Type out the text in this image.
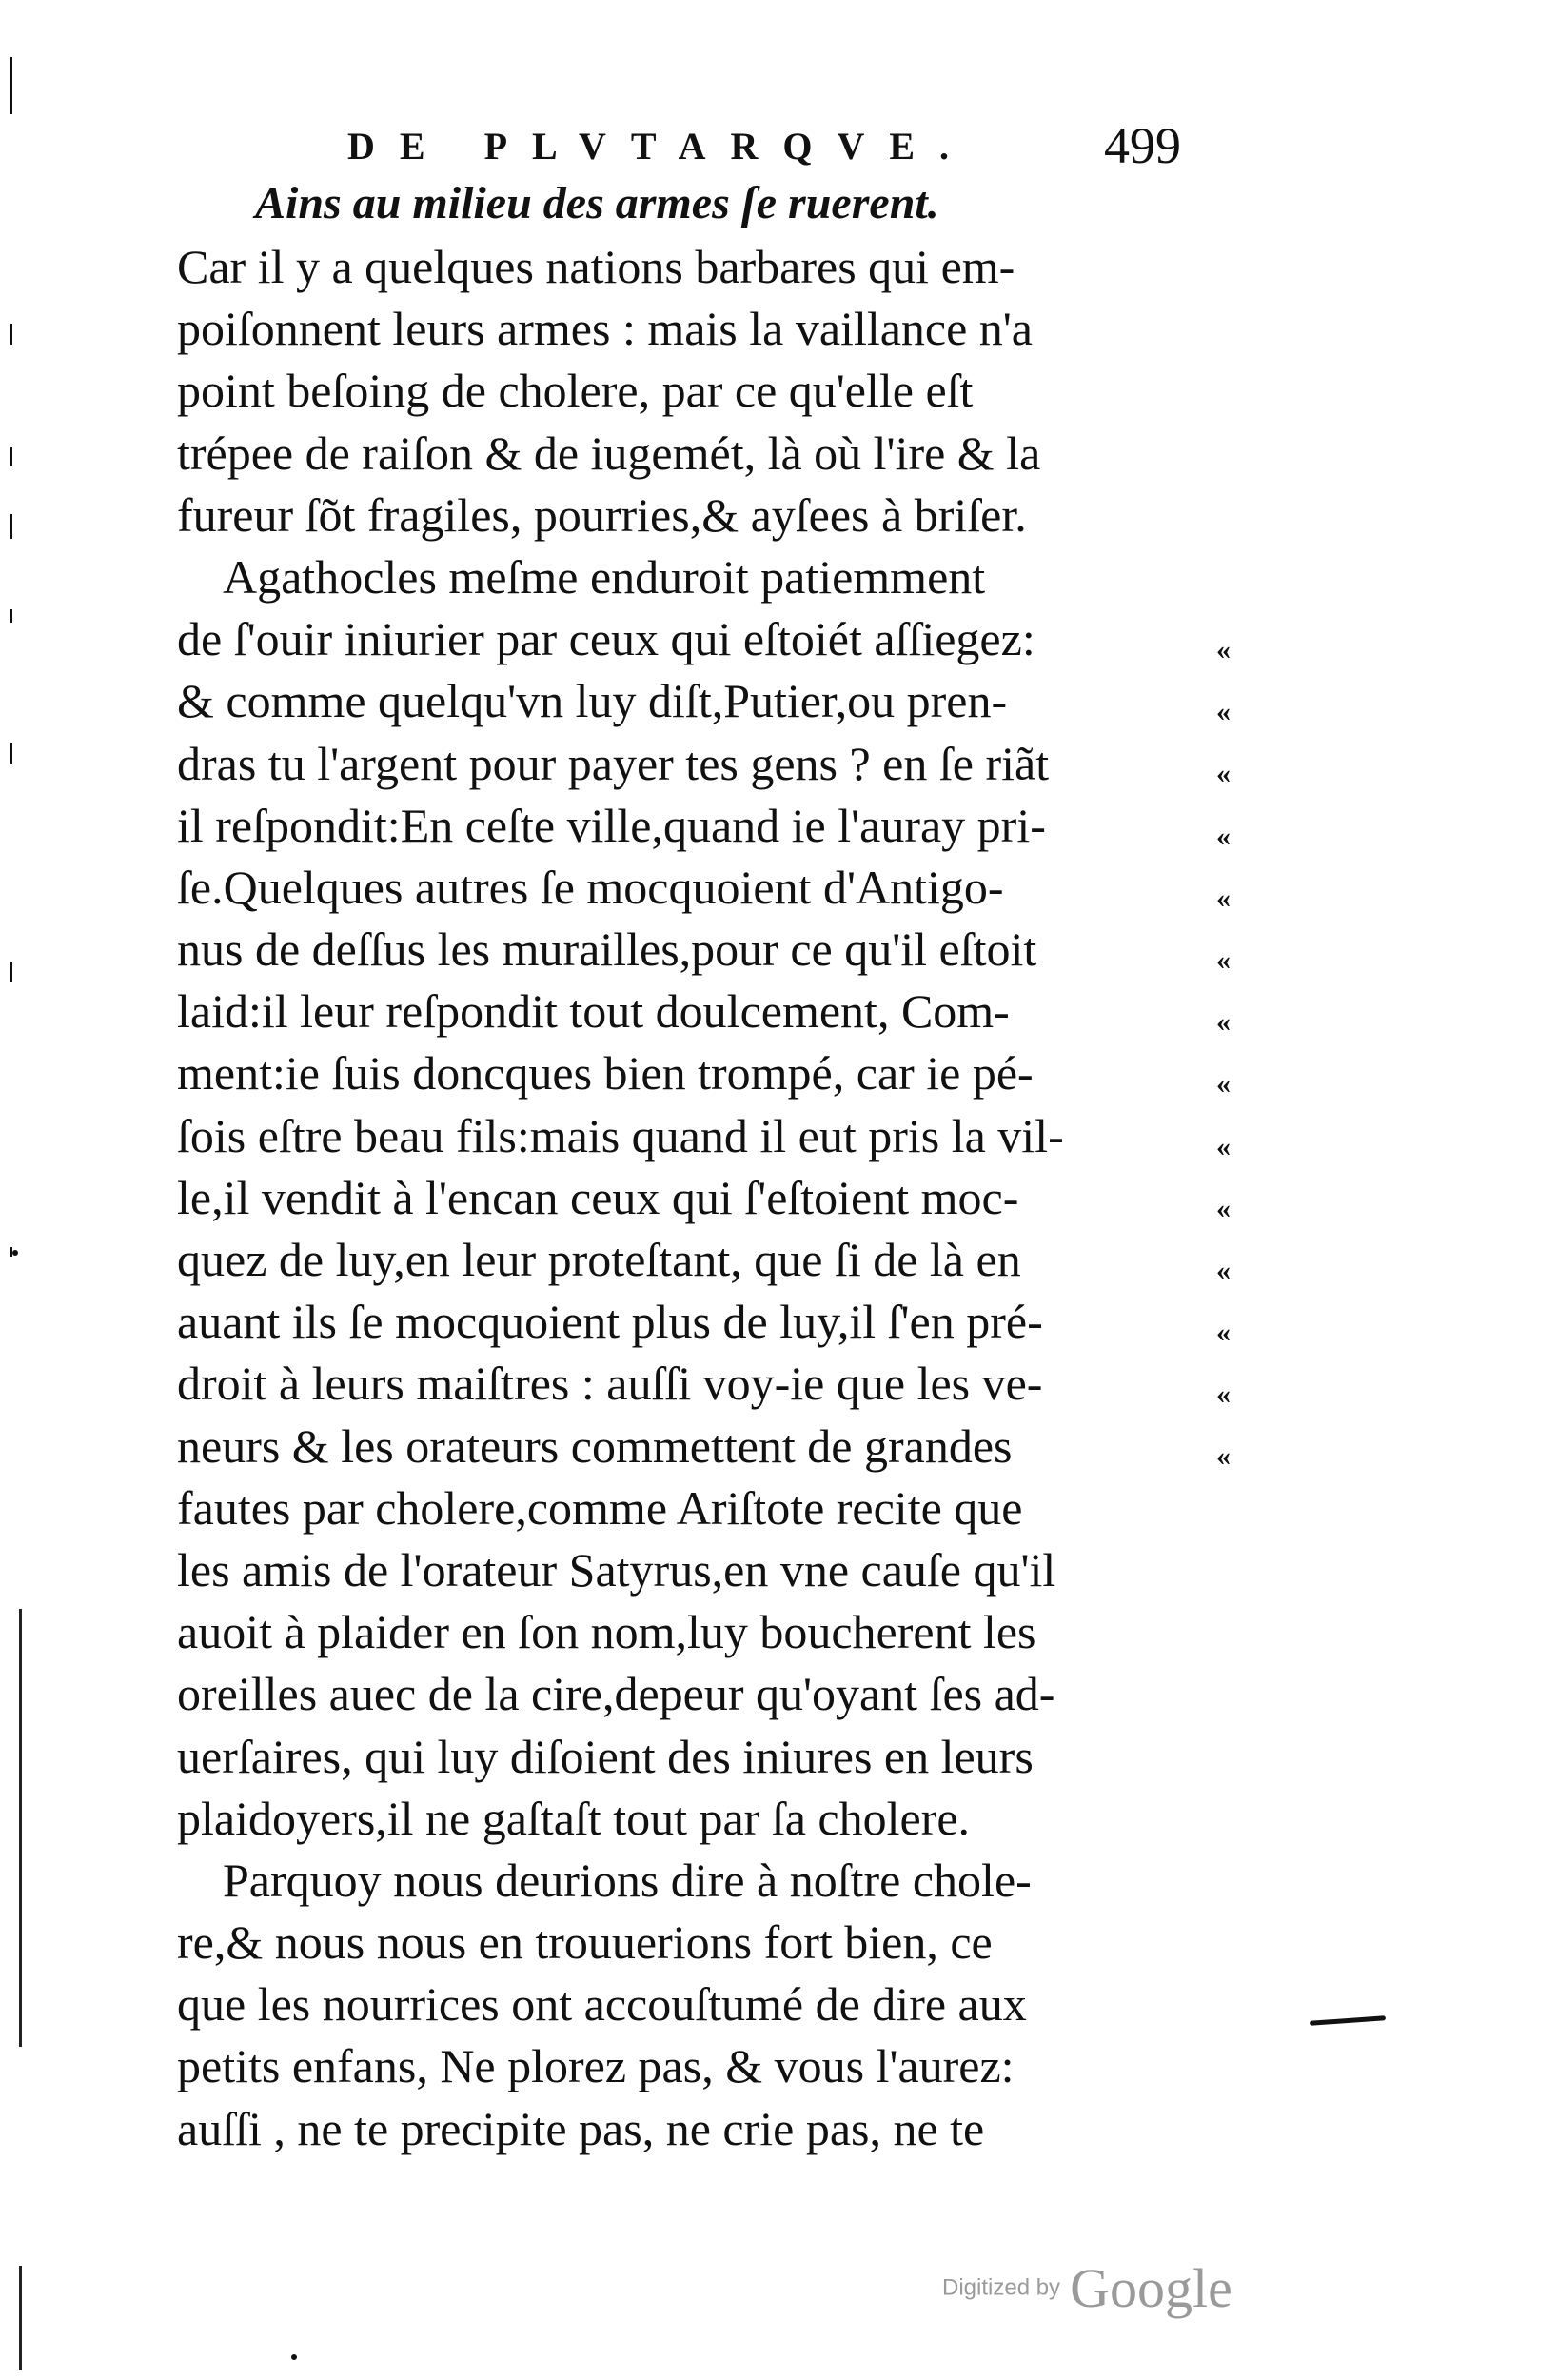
DE PLVTARQVE.	499
Ains au milieu des armes ſe ruerent.
Car il y a quelques nations barbares qui em-
poiſonnent leurs armes : mais la vaillance n'a
point beſoing de cholere, par ce qu'elle eſt
trépee de raiſon & de iugemét, là où l'ire & la
fureur ſõt fragiles, pourries,& ayſees à briſer.
Agathocles meſme enduroit patiemment
de ſ'ouir iniurier par ceux qui eſtoiét aſſiegez:
& comme quelqu'vn luy diſt,Putier,ou pren-
dras tu l'argent pour payer tes gens ? en ſe riãt
il reſpondit:En ceſte ville,quand ie l'auray pri-
ſe.Quelques autres ſe mocquoient d'Antigo-
nus de deſſus les murailles,pour ce qu'il eſtoit
laid:il leur reſpondit tout doulcement, Com-
ment:ie ſuis doncques bien trompé, car ie pé-
ſois eſtre beau fils:mais quand il eut pris la vil-
le,il vendit à l'encan ceux qui ſ'eſtoient moc-
quez de luy,en leur proteſtant, que ſi de là en
auant ils ſe mocquoient plus de luy,il ſ'en pré-
droit à leurs maiſtres : auſſi voy-ie que les ve-
neurs & les orateurs commettent de grandes
fautes par cholere,comme Ariſtote recite que
les amis de l'orateur Satyrus,en vne cauſe qu'il
auoit à plaider en ſon nom,luy boucherent les
oreilles auec de la cire,depeur qu'oyant ſes ad-
uerſaires, qui luy diſoient des iniures en leurs
plaidoyers,il ne gaſtaſt tout par ſa cholere.
Parquoy nous deurions dire à noſtre chole-
re,& nous nous en trouuerions fort bien, ce
que les nourrices ont accouſtumé de dire aux
petits enfans, Ne plorez pas, & vous l'aurez:
auſſi , ne te precipite pas, ne crie pas, ne te
«
«
«
«
«
«
«
«
«
«
«
«
«
«
Digitized by Google
